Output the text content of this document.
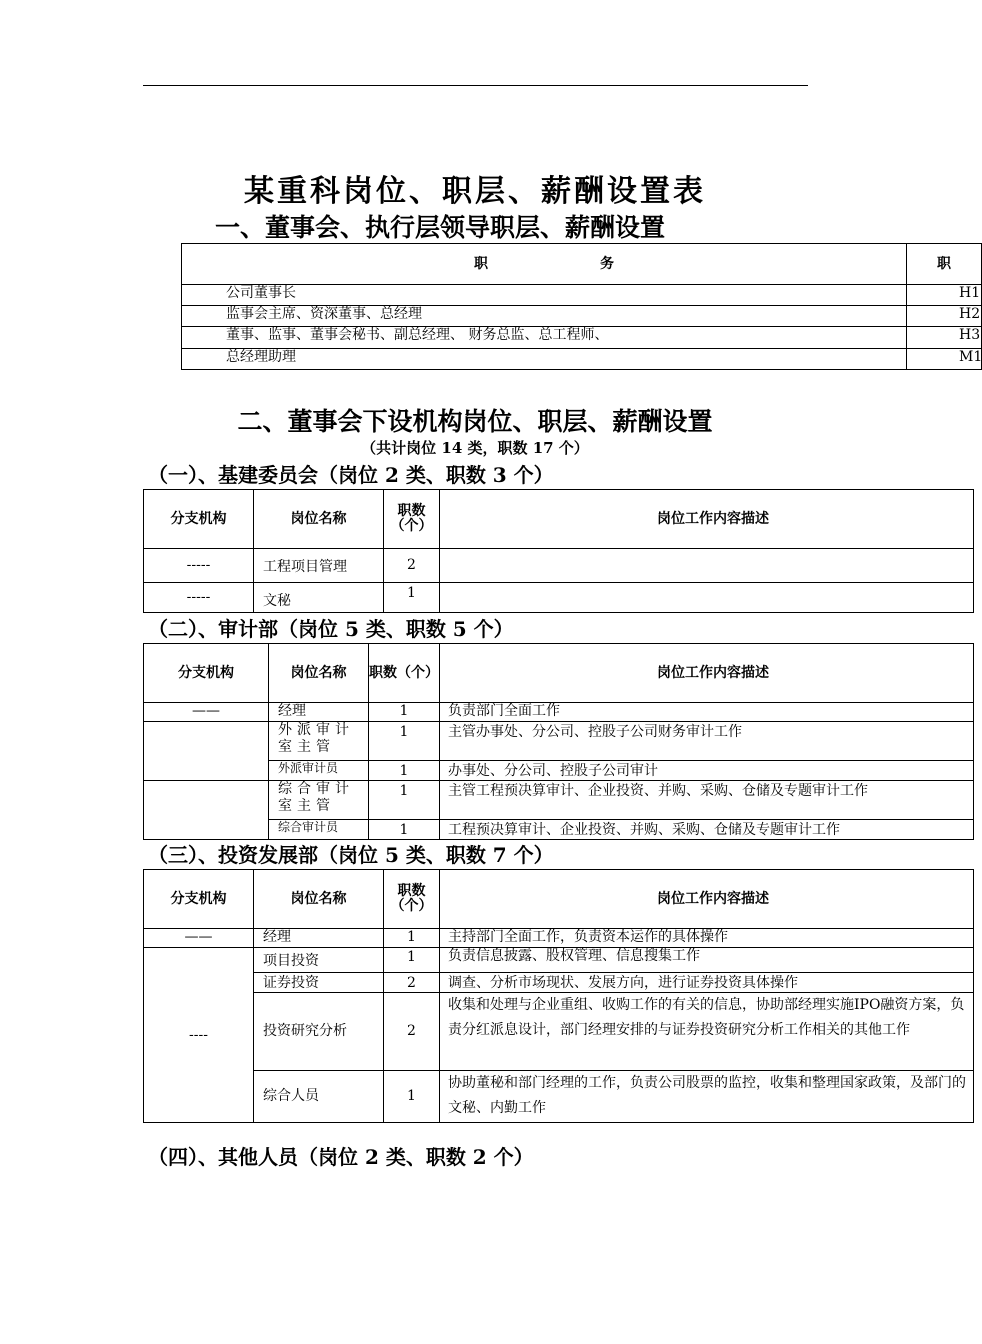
某重科岗位、职层、薪酬设置表
一、董事会、执行层领导职层、薪酬设置
职　　　　　　　　务	职
公司董事长	H1
监事会主席、资深董事、总经理	H2
董事、监事、董事会秘书、副总经理、 财务总监、总工程师、	H3
总经理助理	M1
二、董事会下设机构岗位、职层、薪酬设置
（共计岗位 14 类，职数 17 个）
（一）、基建委员会（岗位 2 类、职数 3 个）
分支机构	岗位名称	职数（个）	岗位工作内容描述
-----	工程项目管理	2	
-----	文秘	1	
（二）、审计部（岗位 5 类、职数 5 个）
分支机构	岗位名称	职数（个）	岗位工作内容描述
——	经理	1	负责部门全面工作
	外派审计室主管	1	主管办事处、分公司、控股子公司财务审计工作
	外派审计员	1	办事处、分公司、控股子公司审计
	综合审计室主管	1	主管工程预决算审计、企业投资、并购、采购、仓储及专题审计工作
	综合审计员	1	工程预决算审计、企业投资、并购、采购、仓储及专题审计工作
（三）、投资发展部（岗位 5 类、职数 7 个）
分支机构	岗位名称	职数（个）	岗位工作内容描述
——	经理	1	主持部门全面工作，负责资本运作的具体操作
----	项目投资	1	负责信息披露、股权管理、信息搜集工作
	证券投资	2	调查、分析市场现状、发展方向，进行证券投资具体操作
	投资研究分析	2	收集和处理与企业重组、收购工作的有关的信息，协助部经理实施IPO融资方案，负责分红派息设计，部门经理安排的与证券投资研究分析工作相关的其他工作
	综合人员	1	协助董秘和部门经理的工作，负责公司股票的监控，收集和整理国家政策，及部门的文秘、内勤工作
（四）、其他人员（岗位 2 类、职数 2 个）
